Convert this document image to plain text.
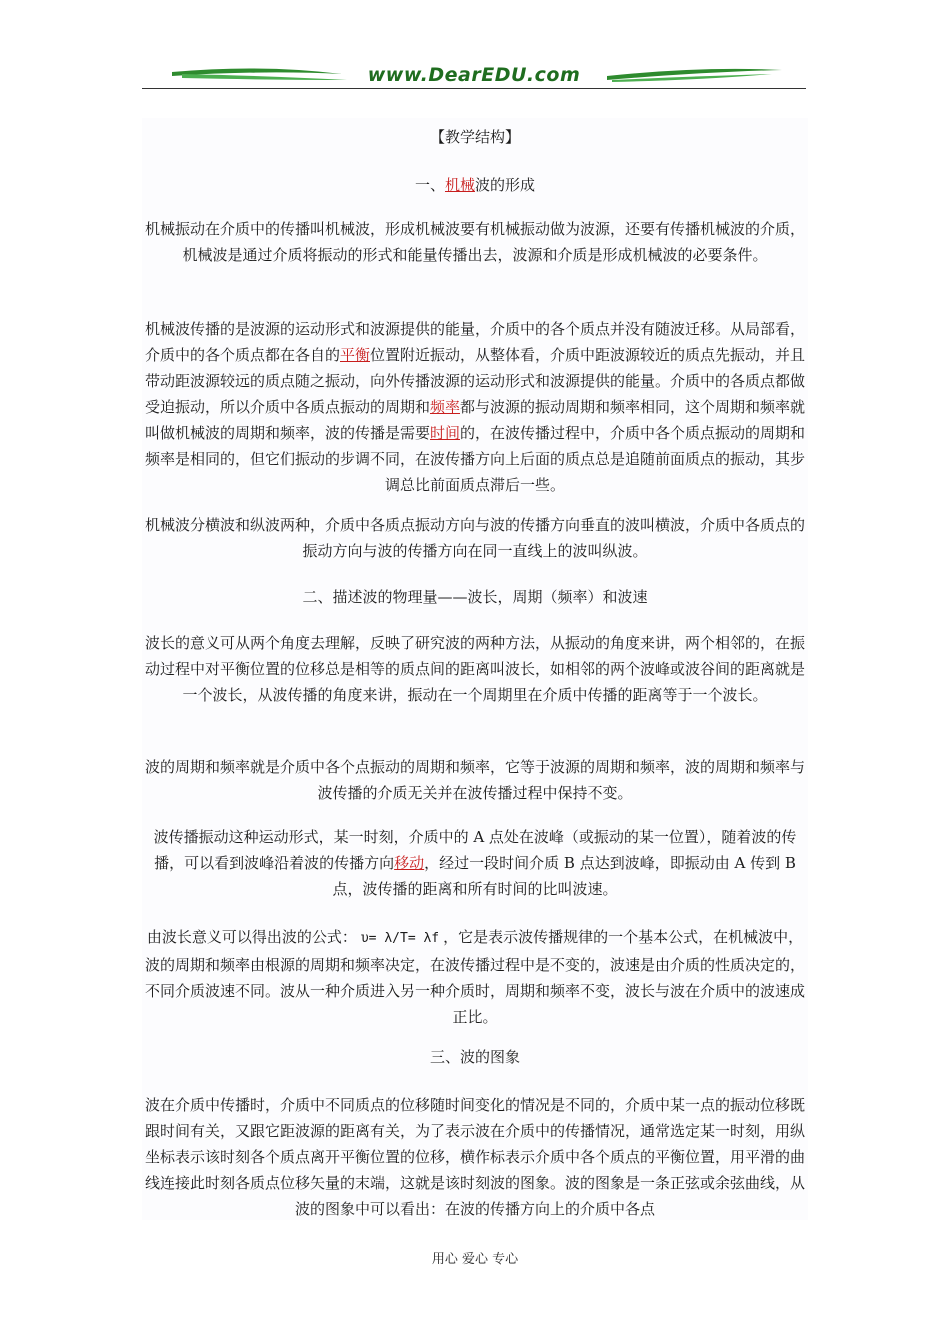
www.DearEDU.com

【教学结构】

一、机械波的形成

机械振动在介质中的传播叫机械波，形成机械波要有机械振动做为波源，还要有传播机械波的介质，机械波是通过介质将振动的形式和能量传播出去，波源和介质是形成机械波的必要条件。

机械波传播的是波源的运动形式和波源提供的能量，介质中的各个质点并没有随波迁移。从局部看，介质中的各个质点都在各自的平衡位置附近振动，从整体看，介质中距波源较近的质点先振动，并且带动距波源较远的质点随之振动，向外传播波源的运动形式和波源提供的能量。介质中的各质点都做受迫振动，所以介质中各质点振动的周期和频率都与波源的振动周期和频率相同，这个周期和频率就叫做机械波的周期和频率，波的传播是需要时间的，在波传播过程中，介质中各个质点振动的周期和频率是相同的，但它们振动的步调不同，在波传播方向上后面的质点总是追随前面质点的振动，其步调总比前面质点滞后一些。

机械波分横波和纵波两种，介质中各质点振动方向与波的传播方向垂直的波叫横波，介质中各质点的振动方向与波的传播方向在同一直线上的波叫纵波。

二、描述波的物理量——波长，周期（频率）和波速

波长的意义可从两个角度去理解，反映了研究波的两种方法，从振动的角度来讲，两个相邻的，在振动过程中对平衡位置的位移总是相等的质点间的距离叫波长，如相邻的两个波峰或波谷间的距离就是一个波长，从波传播的角度来讲，振动在一个周期里在介质中传播的距离等于一个波长。

波的周期和频率就是介质中各个点振动的周期和频率，它等于波源的周期和频率，波的周期和频率与波传播的介质无关并在波传播过程中保持不变。

波传播振动这种运动形式，某一时刻，介质中的 A 点处在波峰（或振动的某一位置），随着波的传播，可以看到波峰沿着波的传播方向移动，经过一段时间介质 B 点达到波峰，即振动由 A 传到 B 点，波传播的距离和所有时间的比叫波速。

由波长意义可以得出波的公式： υ= λ/T= λf ，它是表示波传播规律的一个基本公式，在机械波中，波的周期和频率由根源的周期和频率决定，在波传播过程中是不变的，波速是由介质的性质决定的，不同介质波速不同。波从一种介质进入另一种介质时，周期和频率不变，波长与波在介质中的波速成正比。

三、波的图象

波在介质中传播时，介质中不同质点的位移随时间变化的情况是不同的，介质中某一点的振动位移既跟时间有关，又跟它距波源的距离有关，为了表示波在介质中的传播情况，通常选定某一时刻，用纵坐标表示该时刻各个质点离开平衡位置的位移，横作标表示介质中各个质点的平衡位置，用平滑的曲线连接此时刻各质点位移矢量的末端，这就是该时刻波的图象。波的图象是一条正弦或余弦曲线，从波的图象中可以看出：在波的传播方向上的介质中各点

用心 爱心 专心
